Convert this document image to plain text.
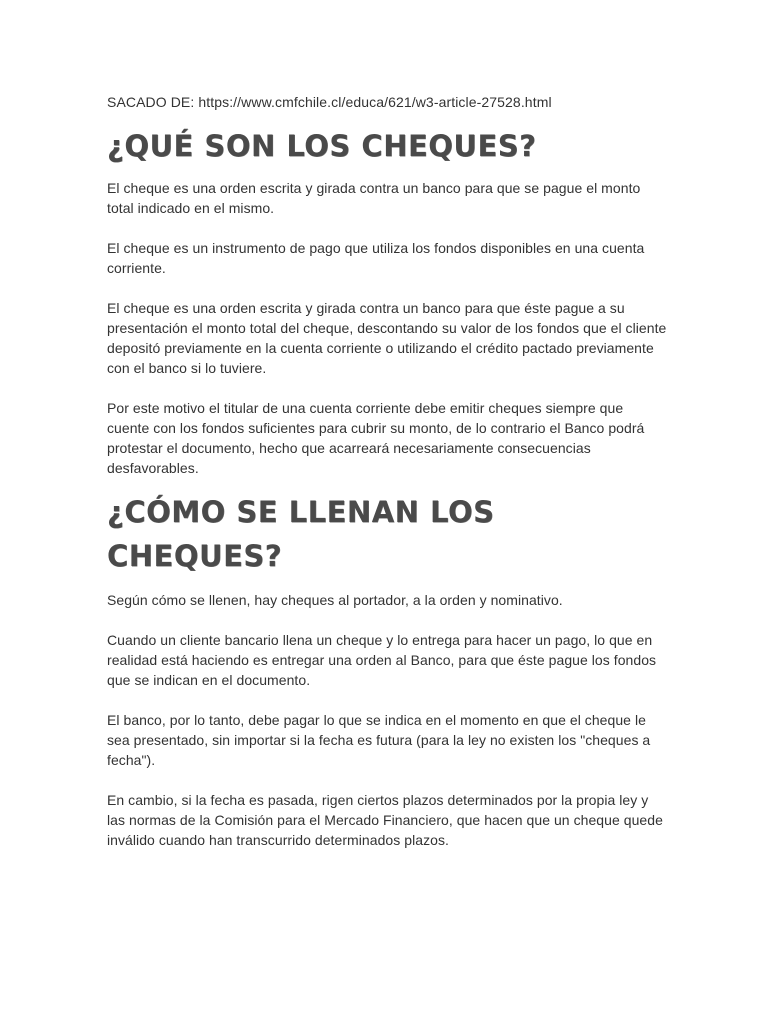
SACADO DE: https://www.cmfchile.cl/educa/621/w3-article-27528.html

¿QUÉ SON LOS CHEQUES?

El cheque es una orden escrita y girada contra un banco para que se pague el monto total indicado en el mismo.

El cheque es un instrumento de pago que utiliza los fondos disponibles en una cuenta corriente.

El cheque es una orden escrita y girada contra un banco para que éste pague a su presentación el monto total del cheque, descontando su valor de los fondos que el cliente depositó previamente en la cuenta corriente o utilizando el crédito pactado previamente con el banco si lo tuviere.

Por este motivo el titular de una cuenta corriente debe emitir cheques siempre que cuente con los fondos suficientes para cubrir su monto, de lo contrario el Banco podrá protestar el documento, hecho que acarreará necesariamente consecuencias desfavorables.

¿CÓMO SE LLENAN LOS CHEQUES?

Según cómo se llenen, hay cheques al portador, a la orden y nominativo.

Cuando un cliente bancario llena un cheque y lo entrega para hacer un pago, lo que en realidad está haciendo es entregar una orden al Banco, para que éste pague los fondos que se indican en el documento.

El banco, por lo tanto, debe pagar lo que se indica en el momento en que el cheque le sea presentado, sin importar si la fecha es futura (para la ley no existen los "cheques a fecha").

En cambio, si la fecha es pasada, rigen ciertos plazos determinados por la propia ley y las normas de la Comisión para el Mercado Financiero, que hacen que un cheque quede inválido cuando han transcurrido determinados plazos.
